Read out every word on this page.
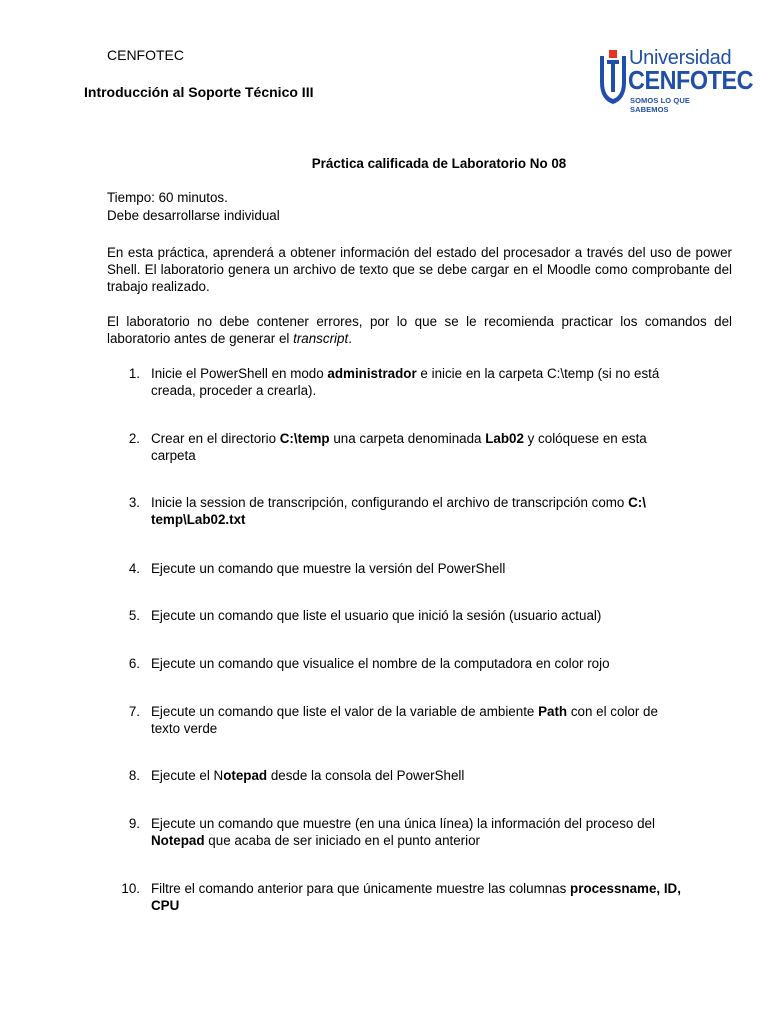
CENFOTEC
Introducción al Soporte Técnico III
Universidad
CENFOTEC
SOMOS LO QUE SABEMOS
Práctica calificada de Laboratorio No 08
Tiempo: 60 minutos.
Debe desarrollarse individual
En esta práctica, aprenderá a obtener información del estado del procesador a través del uso de power Shell. El laboratorio genera un archivo de texto que se debe cargar en el Moodle como comprobante del trabajo realizado.
El laboratorio no debe contener errores, por lo que se le recomienda practicar los comandos del laboratorio antes de generar el transcript.
1. Inicie el PowerShell en modo administrador e inicie en la carpeta C:\temp (si no está creada, proceder a crearla).
2. Crear en el directorio C:\temp una carpeta denominada Lab02 y colóquese en esta carpeta
3. Inicie la session de transcripción, configurando el archivo de transcripción como C:\ temp\Lab02.txt
4. Ejecute un comando que muestre la versión del PowerShell
5. Ejecute un comando que liste el usuario que inició la sesión (usuario actual)
6. Ejecute un comando que visualice el nombre de la computadora en color rojo
7. Ejecute un comando que liste el valor de la variable de ambiente Path con el color de texto verde
8. Ejecute el Notepad desde la consola del PowerShell
9. Ejecute un comando que muestre (en una única línea) la información del proceso del Notepad que acaba de ser iniciado en el punto anterior
10. Filtre el comando anterior para que únicamente muestre las columnas processname, ID, CPU
